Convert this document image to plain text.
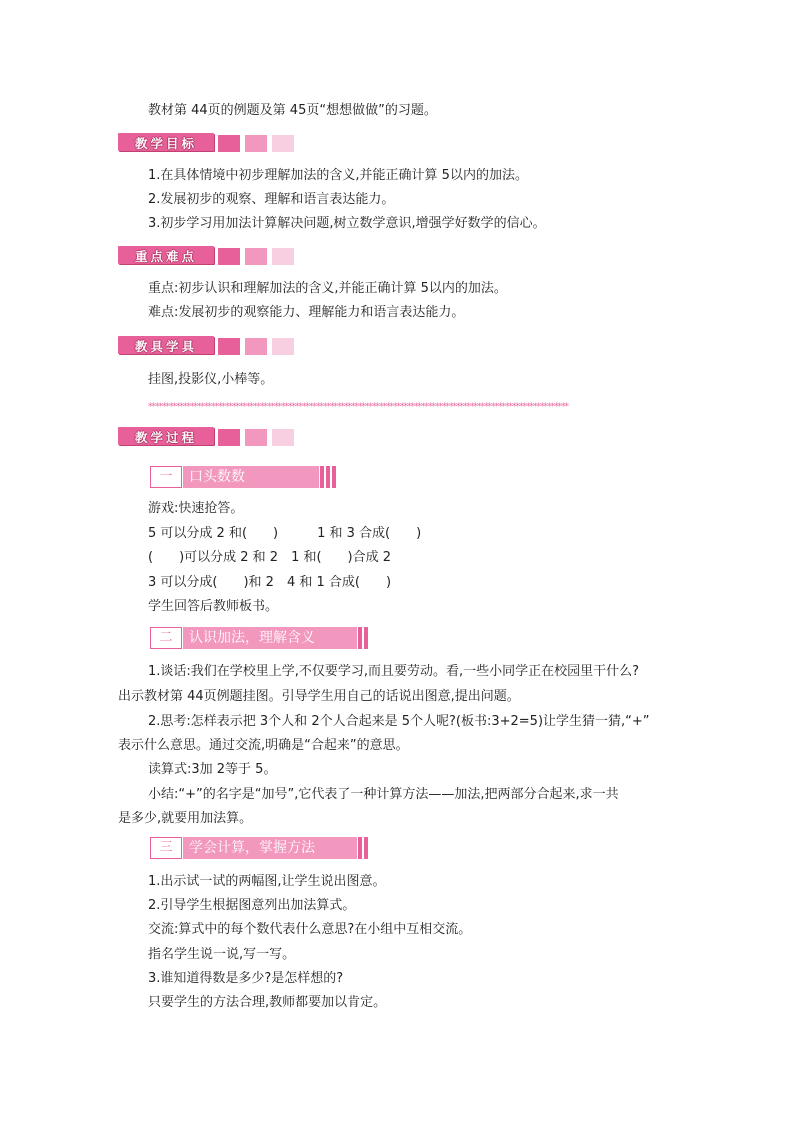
教材第 44页的例题及第 45页“想想做做”的习题。
教学目标
1.在具体情境中初步理解加法的含义,并能正确计算 5以内的加法。
2.发展初步的观察、理解和语言表达能力。
3.初步学习用加法计算解决问题,树立数学意识,增强学好数学的信心。
重点难点
重点:初步认识和理解加法的含义,并能正确计算 5以内的加法。
难点:发展初步的观察能力、理解能力和语言表达能力。
教具学具
挂图,投影仪,小棒等。
************************************************************************************************************************
教学过程
一	口头数数
游戏:快速抢答。
5 可以分成 2 和(　　)　　　1 和 3 合成(　　)
(　　)可以分成 2 和 2　1 和(　　)合成 2
3 可以分成(　　)和 2　4 和 1 合成(　　)
学生回答后教师板书。
二	认识加法，理解含义
1.谈话:我们在学校里上学,不仅要学习,而且要劳动。看,一些小同学正在校园里干什么?
出示教材第 44页例题挂图。引导学生用自己的话说出图意,提出问题。
2.思考:怎样表示把 3个人和 2个人合起来是 5个人呢?(板书:3+2=5)让学生猜一猜,“+”
表示什么意思。通过交流,明确是“合起来”的意思。
读算式:3加 2等于 5。
小结:“+”的名字是“加号”,它代表了一种计算方法——加法,把两部分合起来,求一共
是多少,就要用加法算。
三	学会计算，掌握方法
1.出示试一试的两幅图,让学生说出图意。
2.引导学生根据图意列出加法算式。
交流:算式中的每个数代表什么意思?在小组中互相交流。
指名学生说一说,写一写。
3.谁知道得数是多少?是怎样想的?
只要学生的方法合理,教师都要加以肯定。
